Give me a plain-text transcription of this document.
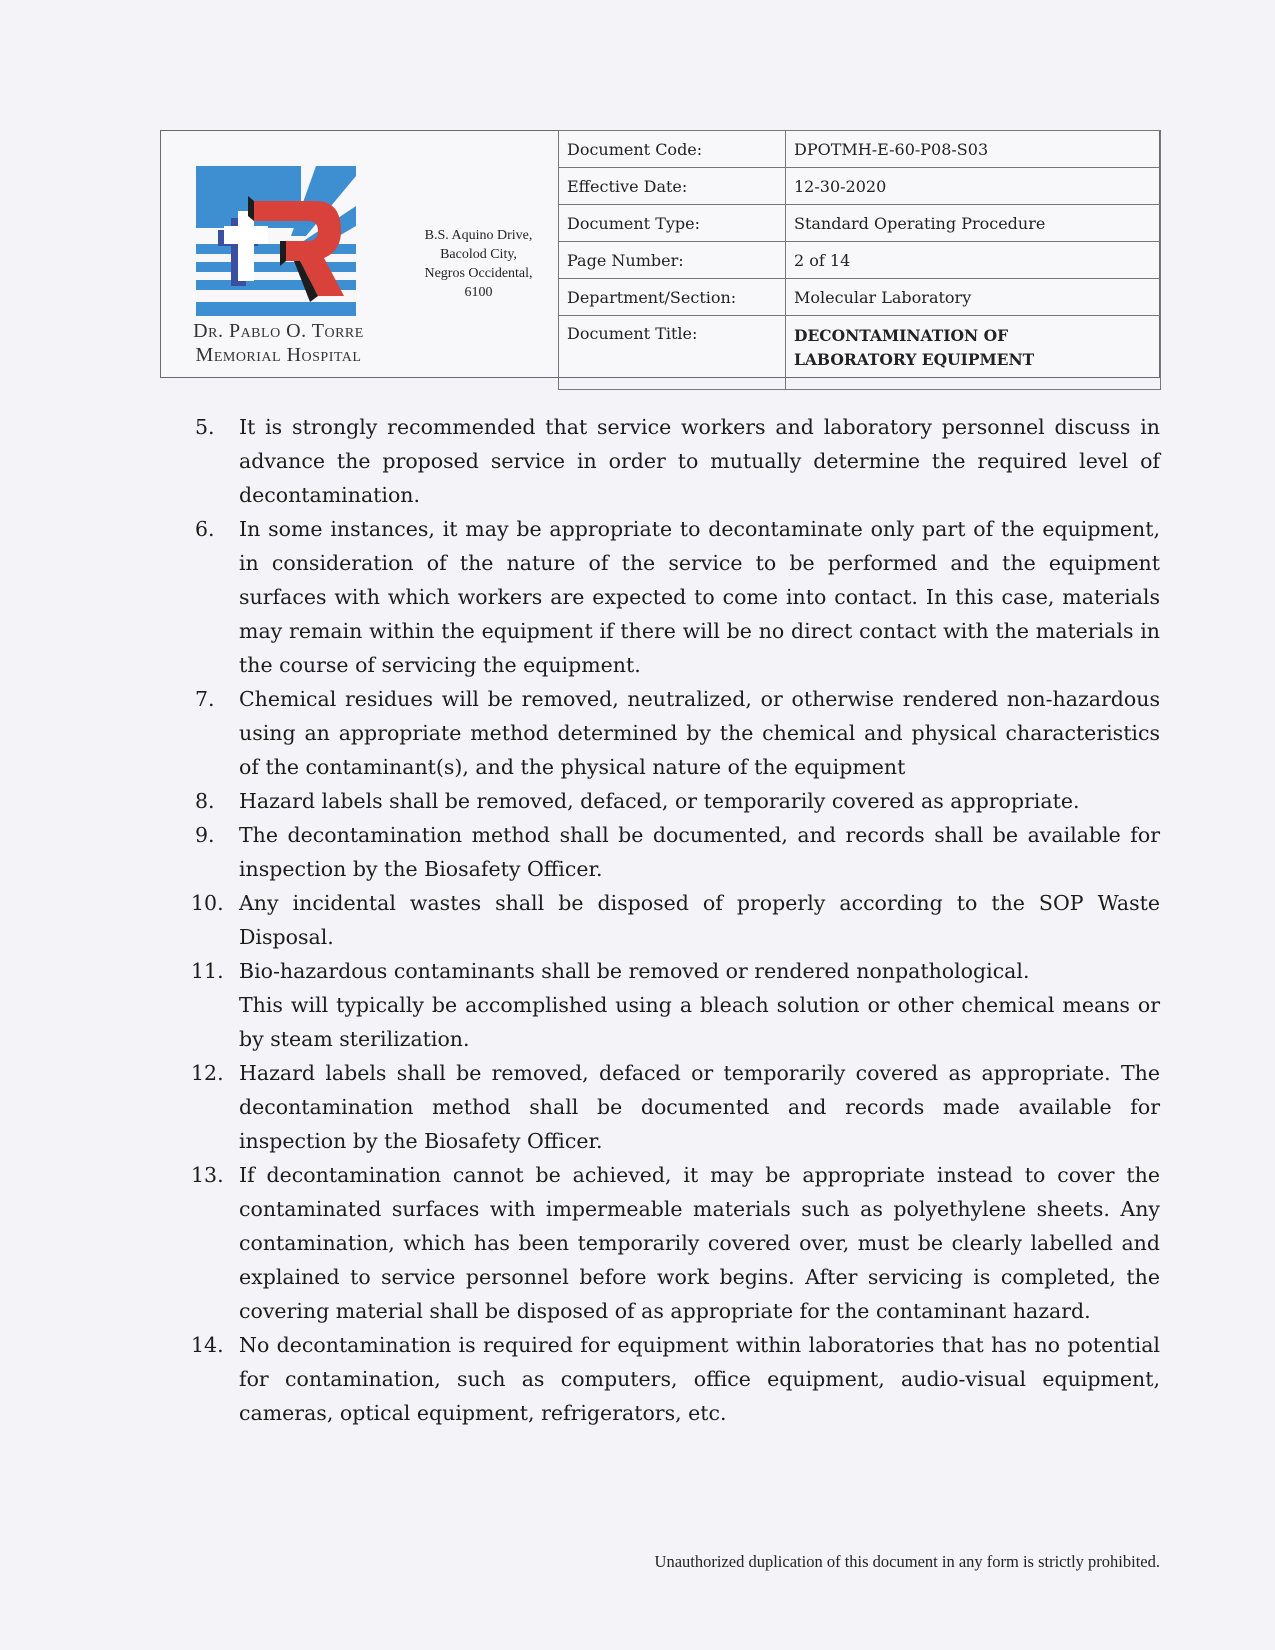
Dr. Pablo O. Torre
Memorial Hospital
B.S. Aquino Drive,
Bacolod City,
Negros Occidental,
6100
Document Code:	DPOTMH-E-60-P08-S03
Effective Date:	12-30-2020
Document Type:	Standard Operating Procedure
Page Number:	2 of 14
Department/Section:	Molecular Laboratory
Document Title:	DECONTAMINATION OF
LABORATORY EQUIPMENT
5.	It is strongly recommended that service workers and laboratory personnel discuss in advance the proposed service in order to mutually determine the required level of decontamination.
6.	In some instances, it may be appropriate to decontaminate only part of the equipment, in consideration of the nature of the service to be performed and the equipment surfaces with which workers are expected to come into contact. In this case, materials may remain within the equipment if there will be no direct contact with the materials in the course of servicing the equipment.
7.	Chemical residues will be removed, neutralized, or otherwise rendered non-hazardous using an appropriate method determined by the chemical and physical characteristics of the contaminant(s), and the physical nature of the equipment
8.	Hazard labels shall be removed, defaced, or temporarily covered as appropriate.
9.	The decontamination method shall be documented, and records shall be available for inspection by the Biosafety Officer.
10. Any incidental wastes shall be disposed of properly according to the SOP Waste Disposal.
11. Bio-hazardous contaminants shall be removed or rendered nonpathological.
This will typically be accomplished using a bleach solution or other chemical means or by steam sterilization.
12. Hazard labels shall be removed, defaced or temporarily covered as appropriate. The decontamination method shall be documented and records made available for inspection by the Biosafety Officer.
13. If decontamination cannot be achieved, it may be appropriate instead to cover the contaminated surfaces with impermeable materials such as polyethylene sheets. Any contamination, which has been temporarily covered over, must be clearly labelled and explained to service personnel before work begins. After servicing is completed, the covering material shall be disposed of as appropriate for the contaminant hazard.
14. No decontamination is required for equipment within laboratories that has no potential for contamination, such as computers, office equipment, audio-visual equipment, cameras, optical equipment, refrigerators, etc.
Unauthorized duplication of this document in any form is strictly prohibited.
